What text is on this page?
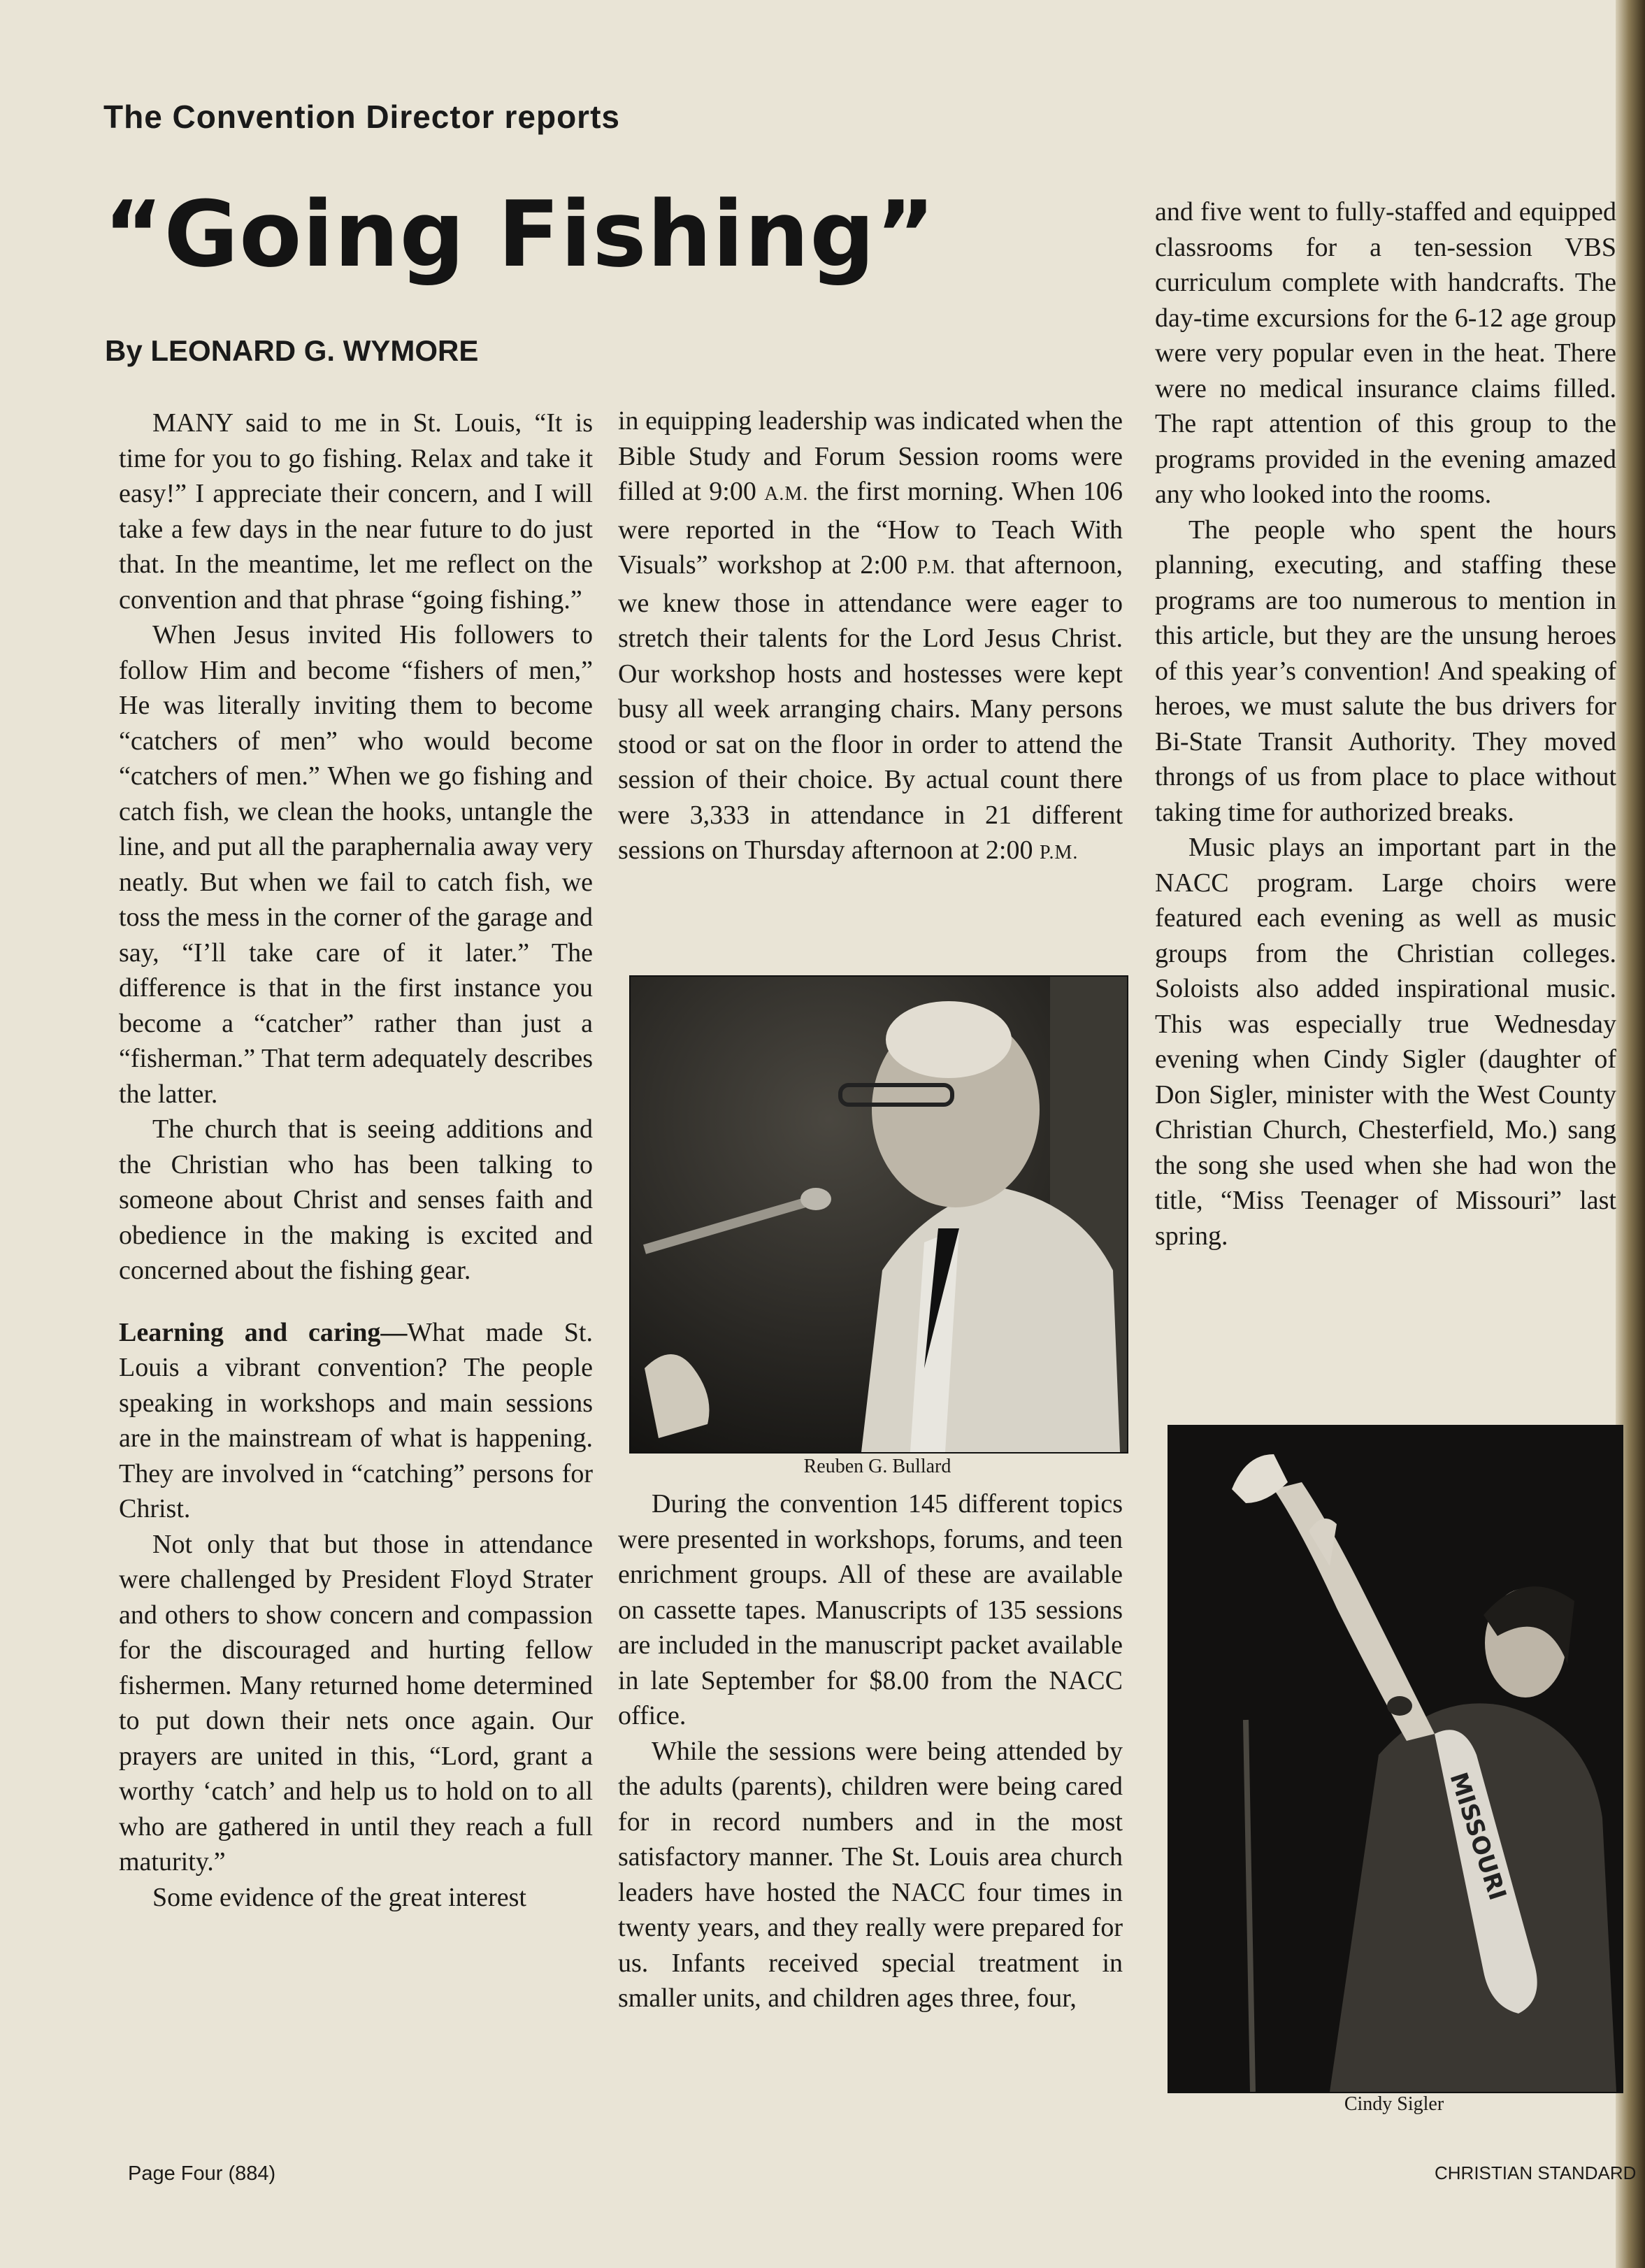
The Convention Director reports
“Going Fishing”
By LEONARD G. WYMORE

MANY said to me in St. Louis, “It is time for you to go fishing. Relax and take it easy!” I appreciate their concern, and I will take a few days in the near future to do just that. In the meantime, let me reflect on the convention and that phrase “going fishing.”

When Jesus invited His followers to follow Him and become “fishers of men,” He was literally inviting them to become “catchers of men” who would become “catchers of men.” When we go fishing and catch fish, we clean the hooks, untangle the line, and put all the paraphernalia away very neatly. But when we fail to catch fish, we toss the mess in the corner of the garage and say, “I’ll take care of it later.” The difference is that in the first instance you become a “catcher” rather than just a “fisherman.” That term adequately describes the latter.

The church that is seeing additions and the Christian who has been talking to someone about Christ and senses faith and obedience in the making is excited and concerned about the fishing gear.

Learning and caring—What made St. Louis a vibrant convention? The people speaking in workshops and main sessions are in the mainstream of what is happening. They are involved in “catching” persons for Christ.

Not only that but those in attendance were challenged by President Floyd Strater and others to show concern and compassion for the discouraged and hurting fellow fishermen. Many returned home determined to put down their nets once again. Our prayers are united in this, “Lord, grant a worthy ‘catch’ and help us to hold on to all who are gathered in until they reach a full maturity.”

Some evidence of the great interest

in equipping leadership was indicated when the Bible Study and Forum Session rooms were filled at 9:00 A.M. the first morning. When 106 were reported in the “How to Teach With Visuals” workshop at 2:00 P.M. that afternoon, we knew those in attendance were eager to stretch their talents for the Lord Jesus Christ. Our workshop hosts and hostesses were kept busy all week arranging chairs. Many persons stood or sat on the floor in order to attend the session of their choice. By actual count there were 3,333 in attendance in 21 different sessions on Thursday afternoon at 2:00 P.M.

Reuben G. Bullard

During the convention 145 different topics were presented in workshops, forums, and teen enrichment groups. All of these are available on cassette tapes. Manuscripts of 135 sessions are included in the manuscript packet available in late September for $8.00 from the NACC office.

While the sessions were being attended by the adults (parents), children were being cared for in record numbers and in the most satisfactory manner. The St. Louis area church leaders have hosted the NACC four times in twenty years, and they really were prepared for us. Infants received special treatment in smaller units, and children ages three, four,

and five went to fully-staffed and equipped classrooms for a ten-session VBS curriculum complete with handcrafts. The day-time excursions for the 6-12 age group were very popular even in the heat. There were no medical insurance claims filled. The rapt attention of this group to the programs provided in the evening amazed any who looked into the rooms.

The people who spent the hours planning, executing, and staffing these programs are too numerous to mention in this article, but they are the unsung heroes of this year’s convention! And speaking of heroes, we must salute the bus drivers for Bi-State Transit Authority. They moved throngs of us from place to place without taking time for authorized breaks.

Music plays an important part in the NACC program. Large choirs were featured each evening as well as music groups from the Christian colleges. Soloists also added inspirational music. This was especially true Wednesday evening when Cindy Sigler (daughter of Don Sigler, minister with the West County Christian Church, Chesterfield, Mo.) sang the song she used when she had won the title, “Miss Teenager of Missouri” last spring.

MISSOURI

Cindy Sigler

Page Four (884)	CHRISTIAN STANDARD
